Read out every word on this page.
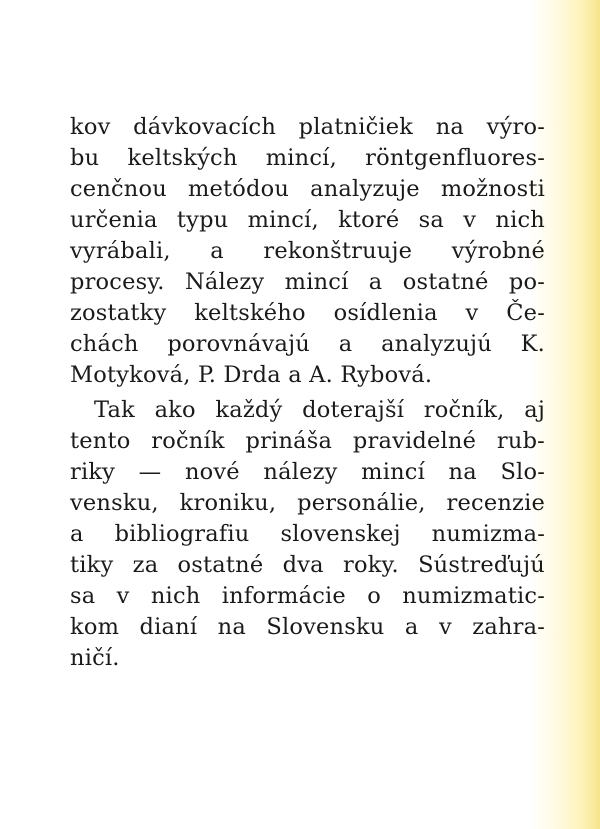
kov dávkovacích platničiek na výro-
bu keltských mincí, röntgenfluores-
cenčnou metódou analyzuje možnosti
určenia typu mincí, ktoré sa v nich
vyrábali, a rekonštruuje výrobné
procesy. Nálezy mincí a ostatné po-
zostatky keltského osídlenia v Če-
chách porovnávajú a analyzujú K.
Motyková, P. Drda a A. Rybová.
Tak ako každý doterajší ročník, aj
tento ročník prináša pravidelné rub-
riky — nové nálezy mincí na Slo-
vensku, kroniku, personálie, recenzie
a bibliografiu slovenskej numizma-
tiky za ostatné dva roky. Sústreďujú
sa v nich informácie o numizmatic-
kom dianí na Slovensku a v zahra-
ničí.
